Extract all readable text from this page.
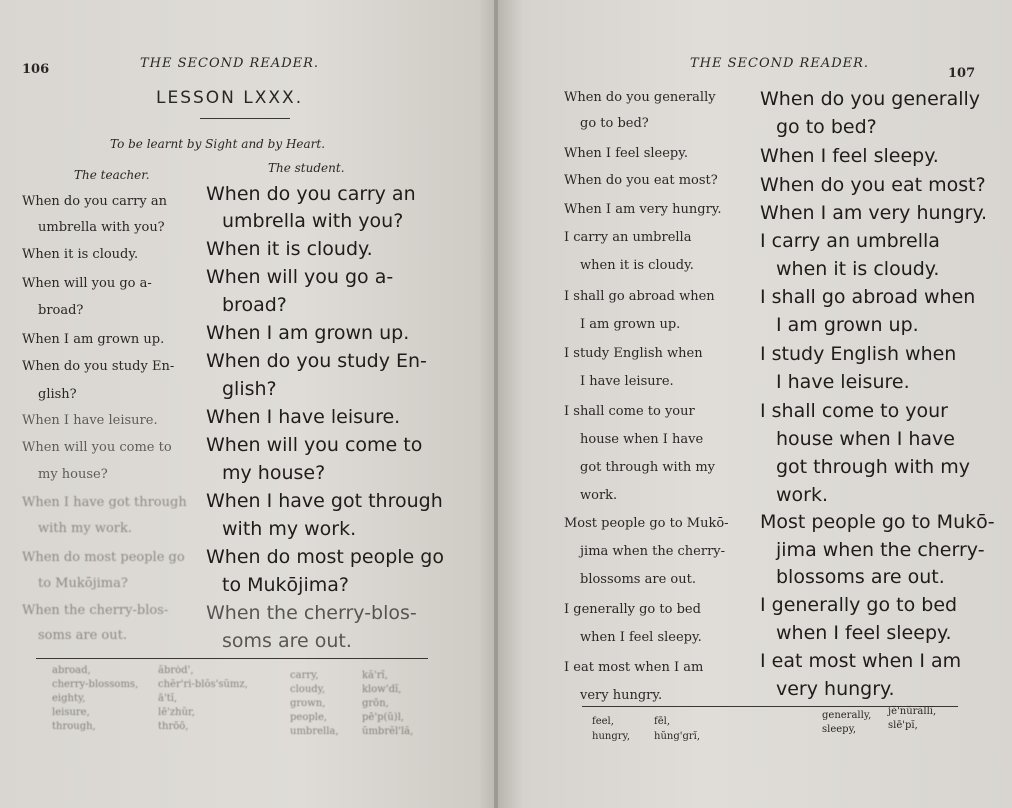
106	THE SECOND READER.
LESSON LXXX.
To be learnt by Sight and by Heart.
The teacher.	The student.
When do you carry an
umbrella with you?
When it is cloudy.
When will you go a-
broad?
When I am grown up.
When do you study En-
glish?
When I have leisure.
When will you come to
my house?
When I have got through
with my work.
When do most people go
to Mukōjima?
When the cherry-blos-
soms are out.
When do you carry an
umbrella with you?
When it is cloudy.
When will you go a-
broad?
When I am grown up.
When do you study En-
glish?
When I have leisure.
When will you come to
my house?
When I have got through
with my work.
When do most people go
to Mukōjima?
When the cherry-blos-
soms are out.
abroad,
cherry-blossoms,
eighty,
leisure,
through,
ăbrȯd',
chĕr'ri-blŏs'sŭmz,
ā'tĭ,
lē'zhŭr,
thrōō,
carry,
cloudy,
grown,
people,
umbrella,
kă'rĭ,
klow'dĭ,
grōn,
pē'p(ŭ)l,
ŭmbrĕl'lă,
THE SECOND READER.
107
When do you generally
go to bed?
When I feel sleepy.
When do you eat most?
When I am very hungry.
I carry an umbrella
when it is cloudy.
I shall go abroad when
I am grown up.
I study English when
I have leisure.
I shall come to your
house when I have
got through with my
work.
Most people go to Mukō-
jima when the cherry-
blossoms are out.
I generally go to bed
when I feel sleepy.
I eat most when I am
very hungry.
When do you generally
go to bed?
When I feel sleepy.
When do you eat most?
When I am very hungry.
I carry an umbrella
when it is cloudy.
I shall go abroad when
I am grown up.
I study English when
I have leisure.
I shall come to your
house when I have
got through with my
work.
Most people go to Mukō-
jima when the cherry-
blossoms are out.
I generally go to bed
when I feel sleepy.
I eat most when I am
very hungry.
feel,
hungry,
fēl,
hŭng'grĭ,
generally,
sleepy,
jĕ'nŭrăllĭ,
slē'pĭ,
